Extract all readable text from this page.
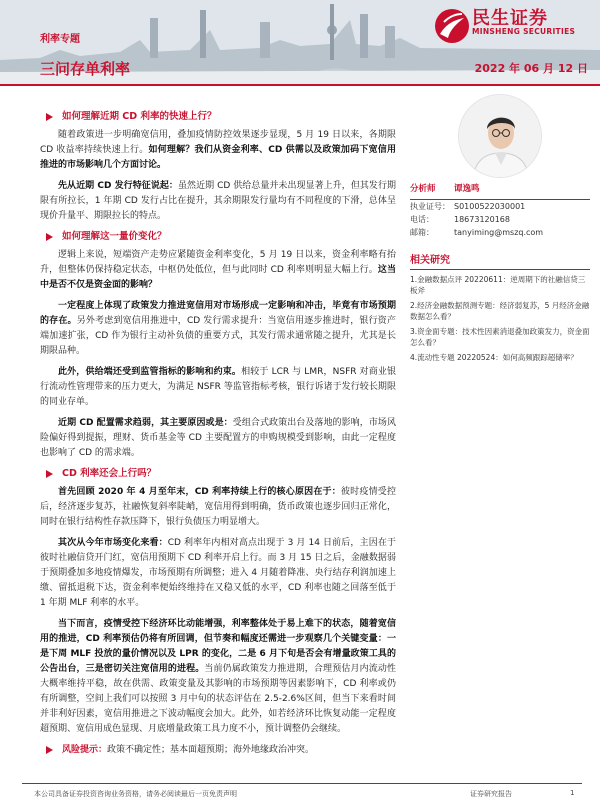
利率专题
三问存单利率	2022 年 06 月 12 日
民生证券
MINSHENG SECURITIES
如何理解近期 CD 利率的快速上行？

随着政策进一步明确宽信用，叠加疫情防控效果逐步显现，5 月 19 日以来，各期限 CD 收益率持续快速上行。如何理解？我们从资金利率、CD 供需以及政策加码下宽信用推进的市场影响几个方面讨论。

先从近期 CD 发行特征说起：虽然近期 CD 供给总量并未出现显著上升，但其发行期限有所拉长，1 年期 CD 发行占比在提升，其余期限发行量均有不同程度的下滑，总体呈现价升量平、期限拉长的特点。

如何理解这一量价变化？

逻辑上来说，短端资产走势应紧随资金利率变化，5 月 19 日以来，资金利率略有抬升，但整体仍保持稳定状态，中枢仍处低位，但与此同时 CD 利率则明显大幅上行。这当中是否不仅是资金面的影响？

一定程度上体现了政策发力推进宽信用对市场形成一定影响和冲击，毕竟有市场预期的存在。另外考虑到宽信用推进中，CD 发行需求提升：当宽信用逐步推进时，银行资产端加速扩张，CD 作为银行主动补负债的重要方式，其发行需求通常随之提升，尤其是长期限品种。

此外，供给端还受到监管指标的影响和约束。相较于 LCR 与 LMR，NSFR 对商业银行流动性管理带来的压力更大，为满足 NSFR 等监管指标考核，银行诉诸于发行较长期限的同业存单。

近期 CD 配置需求趋弱，其主要原因或是：受组合式政策出台及落地的影响，市场风险偏好得到提振，理财、货币基金等 CD 主要配置方的申购规模受到影响，由此一定程度也影响了 CD 的需求端。

CD 利率还会上行吗？

首先回顾 2020 年 4 月至年末，CD 利率持续上行的核心原因在于：彼时疫情受控后，经济逐步复苏，社融恢复斜率陡峭，宽信用得到明确，货币政策也逐步回归正常化，同时在银行结构性存款压降下，银行负债压力明显增大。

其次从今年市场变化来看：CD 利率年内相对高点出现于 3 月 14 日前后，主因在于彼时社融信贷开门红，宽信用预期下 CD 利率开启上行。而 3 月 15 日之后，金融数据弱于预期叠加多地疫情爆发，市场预期有所调整；进入 4 月随着降准、央行结存利润加速上缴、留抵退税下达，资金利率便始终维持在又稳又低的水平，CD 利率也随之回落至低于 1 年期 MLF 利率的水平。

当下而言，疫情受控下经济环比动能增强，利率整体处于易上难下的状态，随着宽信用的推进，CD 利率预估仍将有所回调，但节奏和幅度还需进一步观察几个关键变量：一是下周 MLF 投放的量价情况以及 LPR 的变化，二是 6 月下旬是否会有增量政策工具的公告出台，三是密切关注宽信用的进程。当前仍属政策发力推进期，合理预估月内流动性大概率维持平稳，故在供需、政策变量及其影响的市场预期等因素影响下，CD 利率或仍有所调整，空间上我们可以按照 3 月中旬的状态评估在 2.5-2.6%区间，但当下来看时间并非利好因素，宽信用推进之下波动幅度会加大。此外，如若经济环比恢复动能一定程度超预期、宽信用成色显现、月底增量政策工具力度不小，预计调整仍会继续。

风险提示：政策不确定性；基本面超预期；海外地缘政治冲突。
分析师	谭逸鸣
执业证号： S0100522030001
电话：	18673120168
邮箱：	tanyiming@mszq.com
相关研究
1.金融数据点评 20220611：逆周期下的社融信贷三板斧
2.经济金融数据预测专题：经济弱复苏，5 月经济金融数据怎么看？
3.资金面专题：技术性因素消退叠加政策发力，资金面怎么看？
4.流动性专题 20220524：如何高频跟踪超储率？
本公司具备证券投资咨询业务资格，请务必阅读最后一页免责声明	证券研究报告	1
